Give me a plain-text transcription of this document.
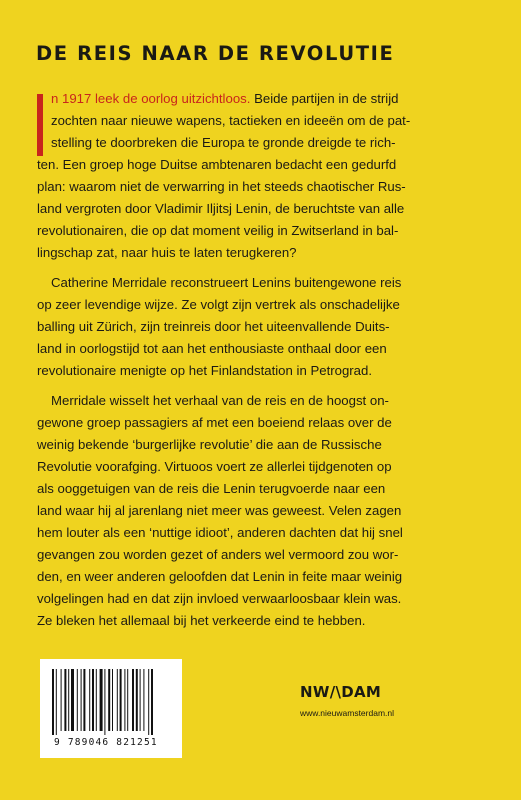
DE REIS NAAR DE REVOLUTIE
n 1917 leek de oorlog uitzichtloos. Beide partijen in de strijd
zochten naar nieuwe wapens, tactieken en ideeën om de pat-
stelling te doorbreken die Europa te gronde dreigde te rich-
ten. Een groep hoge Duitse ambtenaren bedacht een gedurfd
plan: waarom niet de verwarring in het steeds chaotischer Rus-
land vergroten door Vladimir Iljitsj Lenin, de beruchtste van alle
revolutionairen, die op dat moment veilig in Zwitserland in bal-
lingschap zat, naar huis te laten terugkeren?
Catherine Merridale reconstrueert Lenins buitengewone reis
op zeer levendige wijze. Ze volgt zijn vertrek als onschadelijke
balling uit Zürich, zijn treinreis door het uiteenvallende Duits-
land in oorlogstijd tot aan het enthousiaste onthaal door een
revolutionaire menigte op het Finlandstation in Petrograd.
Merridale wisselt het verhaal van de reis en de hoogst on-
gewone groep passagiers af met een boeiend relaas over de
weinig bekende ‘burgerlijke revolutie’ die aan de Russische
Revolutie voorafging. Virtuoos voert ze allerlei tijdgenoten op
als ooggetuigen van de reis die Lenin terugvoerde naar een
land waar hij al jarenlang niet meer was geweest. Velen zagen
hem louter als een ‘nuttige idioot’, anderen dachten dat hij snel
gevangen zou worden gezet of anders wel vermoord zou wor-
den, en weer anderen geloofden dat Lenin in feite maar weinig
volgelingen had en dat zijn invloed verwaarloosbaar klein was.
Ze bleken het allemaal bij het verkeerde eind te hebben.
9 789046 821251
NW/\DAM
www.nieuwamsterdam.nl
